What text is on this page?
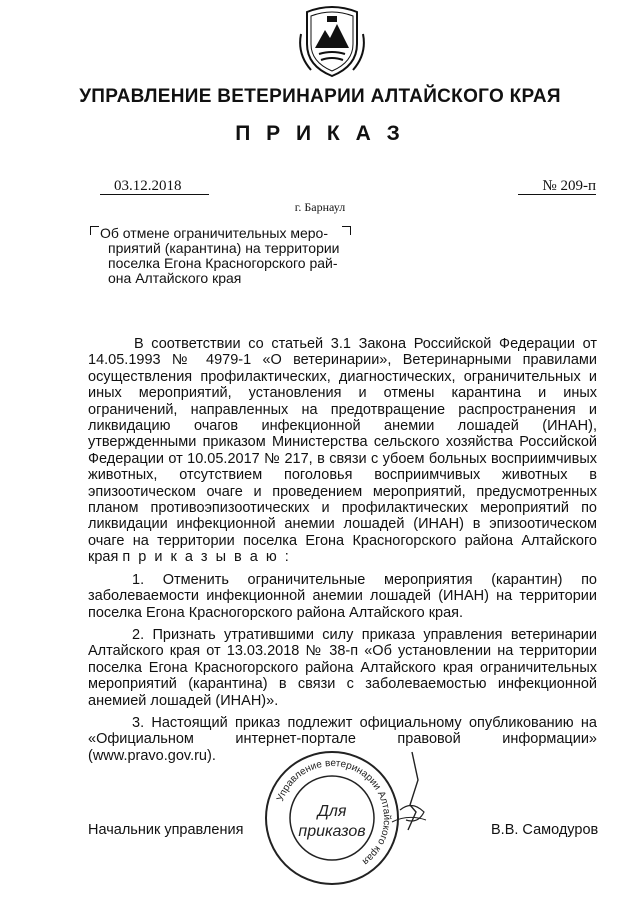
УПРАВЛЕНИЕ ВЕТЕРИНАРИИ АЛТАЙСКОГО КРАЯ
П Р И К А З
03.12.2018	№ 209-п
г. Барнаул
Об отмене ограничительных меро-
приятий (карантина) на территории
поселка Егона Красногорского рай-
она Алтайского края

В соответствии со статьей 3.1 Закона Российской Федерации от 14.05.1993 № 4979-1 «О ветеринарии», Ветеринарными правилами осуществления профилактических, диагностических, ограничительных и иных мероприятий, установления и отмены карантина и иных ограничений, направленных на предотвращение распространения и ликвидацию очагов инфекционной анемии лошадей (ИНАН), утвержденными приказом Министерства сельского хозяйства Российской Федерации от 10.05.2017 № 217, в связи с убоем больных восприимчивых животных, отсутствием поголовья восприимчивых животных в эпизоотическом очаге и проведением мероприятий, предусмотренных планом противоэпизоотических и профилактических мероприятий по ликвидации инфекционной анемии лошадей (ИНАН) в эпизоотическом очаге на территории поселка Егона Красногорского района Алтайского края п р и к а з ы в а ю :

1. Отменить ограничительные мероприятия (карантин) по заболеваемости инфекционной анемии лошадей (ИНАН) на территории поселка Егона Красногорского района Алтайского края.

2. Признать утратившими силу приказа управления ветеринарии Алтайского края от 13.03.2018 № 38-п «Об установлении на территории поселка Егона Красногорского района Алтайского края ограничительных мероприятий (карантина) в связи с заболеваемостью инфекционной анемией лошадей (ИНАН)».

3. Настоящий приказ подлежит официальному опубликованию на «Официальном интернет-портале правовой информации» (www.pravo.gov.ru).

Начальник управления	В.В. Самодуров
Управление ветеринарии Алтайского края
Для
приказов
